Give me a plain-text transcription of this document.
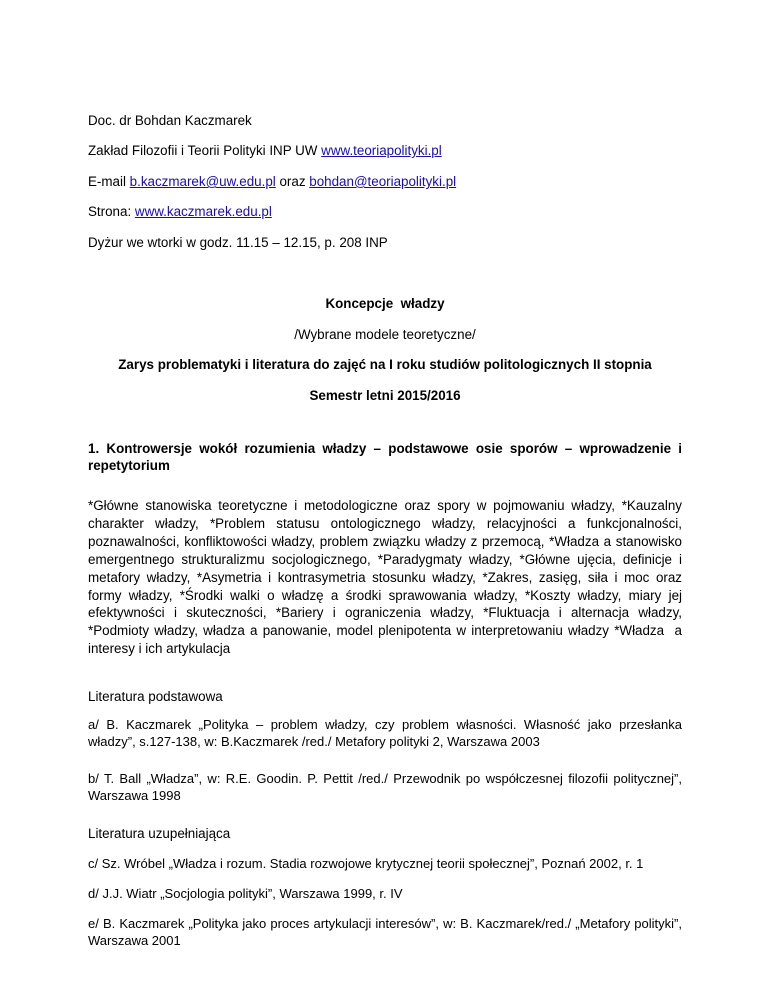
Doc. dr Bohdan Kaczmarek

Zakład Filozofii i Teorii Polityki INP UW www.teoriapolityki.pl

E-mail b.kaczmarek@uw.edu.pl oraz bohdan@teoriapolityki.pl

Strona: www.kaczmarek.edu.pl

Dyżur we wtorki w godz. 11.15 – 12.15, p. 208 INP

Koncepcje  władzy

/Wybrane modele teoretyczne/

Zarys problematyki i literatura do zajęć na I roku studiów politologicznych II stopnia

Semestr letni 2015/2016

1. Kontrowersje wokół rozumienia władzy – podstawowe osie sporów – wprowadzenie i repetytorium

*Główne stanowiska teoretyczne i metodologiczne oraz spory w pojmowaniu władzy, *Kauzalny charakter władzy, *Problem statusu ontologicznego władzy, relacyjności a funkcjonalności, poznawalności, konfliktowości władzy, problem związku władzy z przemocą, *Władza a stanowisko emergentnego strukturalizmu socjologicznego, *Paradygmaty władzy, *Główne ujęcia, definicje i metafory władzy, *Asymetria i kontrasymetria stosunku władzy, *Zakres, zasięg, siła i moc oraz formy władzy, *Środki walki o władzę a środki sprawowania władzy, *Koszty władzy, miary jej efektywności i skuteczności, *Bariery i ograniczenia władzy, *Fluktuacja i alternacja władzy, *Podmioty władzy, władza a panowanie, model plenipotenta w interpretowaniu władzy *Władza  a interesy i ich artykulacja

Literatura podstawowa

a/ B. Kaczmarek „Polityka – problem władzy, czy problem własności. Własność jako przesłanka władzy”, s.127-138, w: B.Kaczmarek /red./ Metafory polityki 2, Warszawa 2003

b/ T. Ball „Władza”, w: R.E. Goodin. P. Pettit /red./ Przewodnik po współczesnej filozofii politycznej”, Warszawa 1998

Literatura uzupełniająca

c/ Sz. Wróbel „Władza i rozum. Stadia rozwojowe krytycznej teorii społecznej”, Poznań 2002, r. 1

d/ J.J. Wiatr „Socjologia polityki”, Warszawa 1999, r. IV

e/ B. Kaczmarek „Polityka jako proces artykulacji interesów”, w: B. Kaczmarek/red./ „Metafory polityki”, Warszawa 2001
